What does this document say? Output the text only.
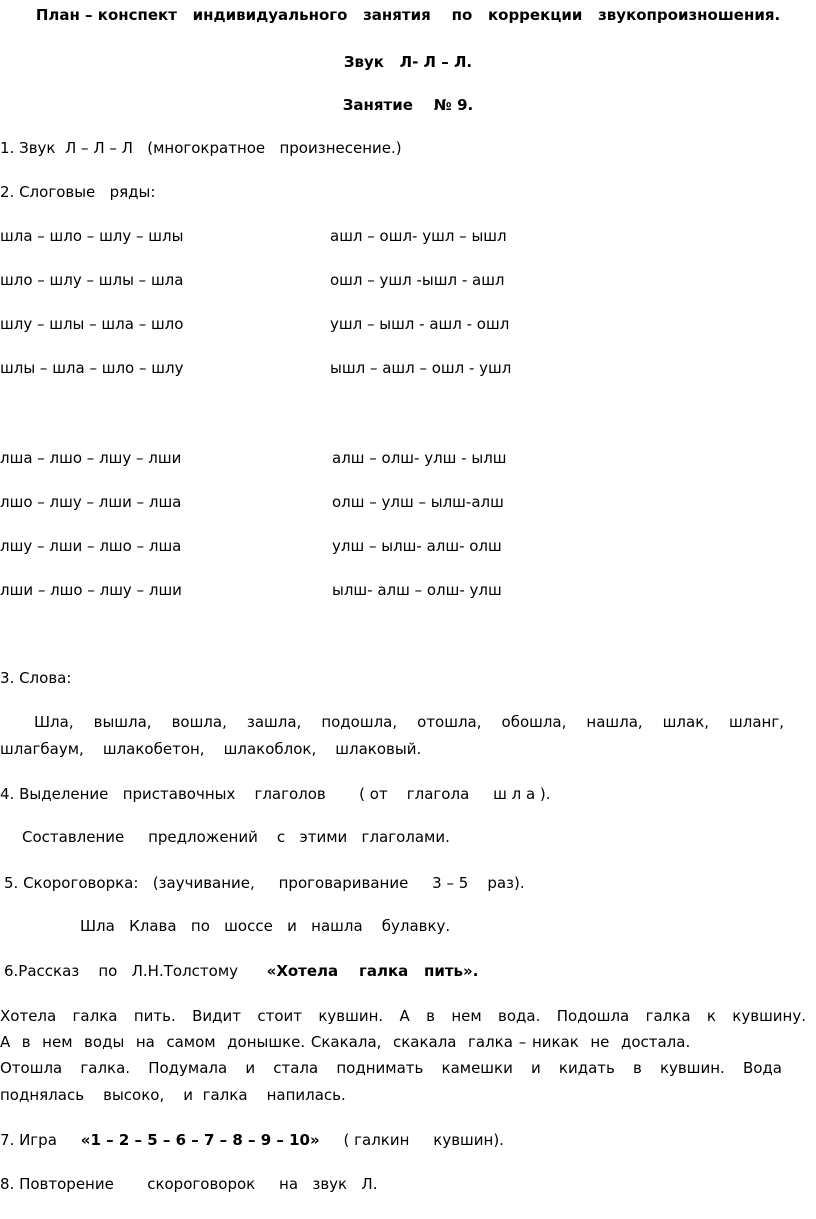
План – конспект   индивидуального   занятия    по   коррекции   звукопроизношения.
Звук   Л- Л – Л.
Занятие    № 9.
1. Звук  Л – Л – Л   (многократное   произнесение.)
2. Слоговые   ряды:
шла – шло – шлу – шлы	ашл – ошл- ушл – ышл
шло – шлу – шлы – шла	ошл – ушл -ышл - ашл
шлу – шлы – шла – шло	ушл – ышл - ашл - ошл
шлы – шла – шло – шлу	ышл – ашл – ошл - ушл
лша – лшо – лшу – лши	алш – олш- улш - ылш
лшо – лшу – лши – лша	олш – улш – ылш-алш
лшу – лши – лшо – лша	улш – ылш- алш- олш
лши – лшо – лшу – лши	ылш- алш – олш- улш
3. Слова:
Шла, вышла, вошла, зашла, подошла, отошла, обошла, нашла, шлак, шланг,
шлагбаум,    шлакобетон,    шлакоблок,    шлаковый.
4. Выделение   приставочных    глаголов       ( от    глагола     ш л а ).
Составление     предложений    с   этими   глаголами.
5. Скороговорка:   (заучивание,     проговаривание     3 – 5    раз).
Шла   Клава   по   шоссе   и   нашла    булавку.
6.Рассказ    по   Л.Н.Толстому «Хотела    галка   пить».
Хотела галка пить. Видит стоит кувшин. А в нем вода. Подошла галка к кувшину.
А  в  нем  воды  на  самом  донышке. Скакала,  скакала  галка – никак  не  достала.
Отошла галка. Подумала и стала поднимать камешки и кидать в кувшин. Вода
поднялась    высоко,    и  галка    напилась.
7. Игра «1 – 2 – 5 – 6 – 7 – 8 – 9 – 10» ( галкин     кувшин).
8. Повторение       скороговорок     на   звук   Л.
